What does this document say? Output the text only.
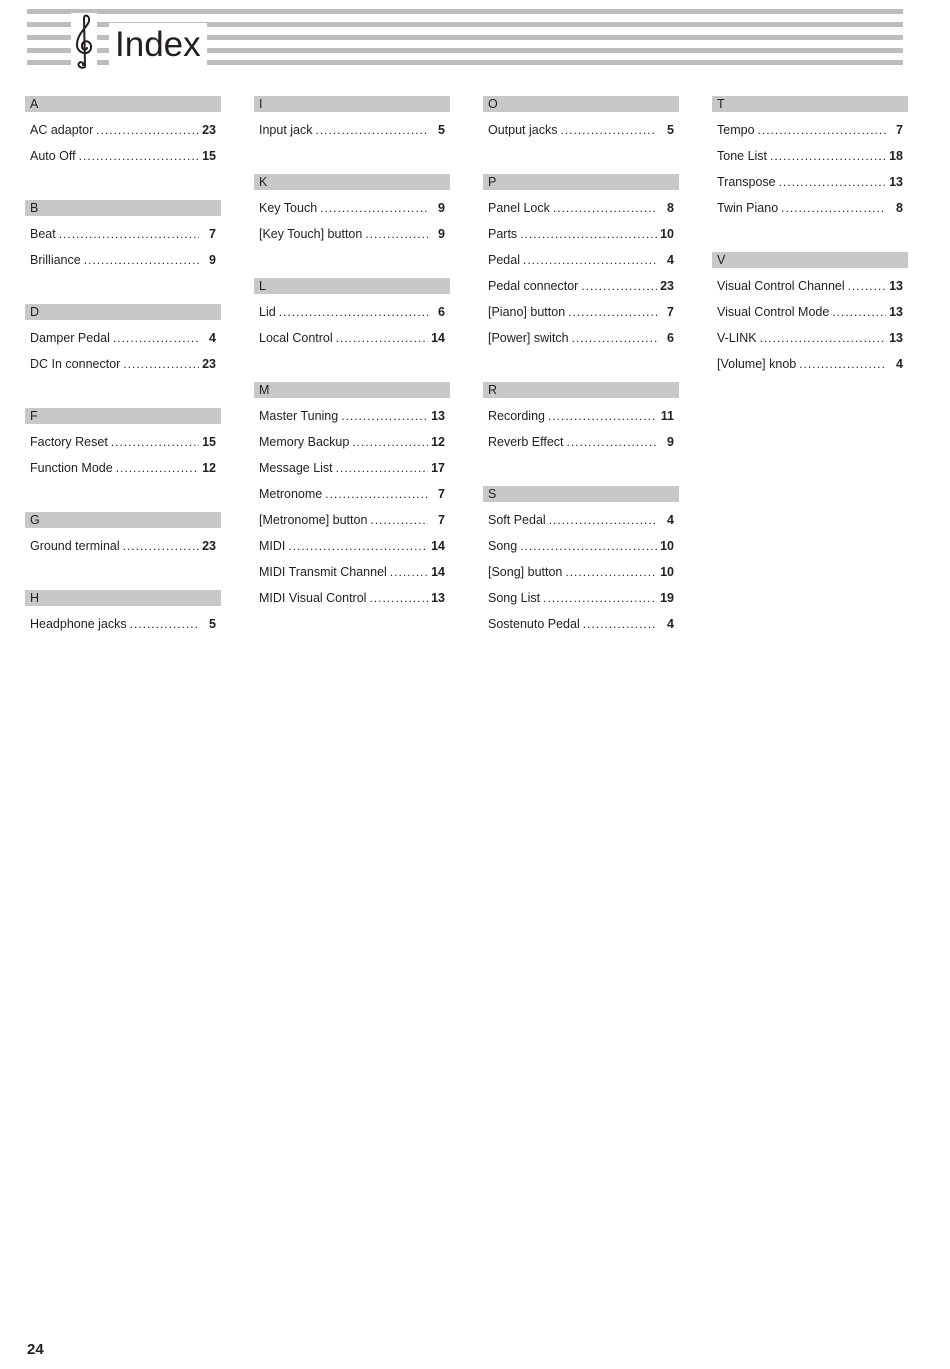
Index
A
AC adaptor .....	23
Auto Off .....	15
B
Beat .....	7
Brilliance .....	9
D
Damper Pedal .....	4
DC In connector .....	23
F
Factory Reset .....	15
Function Mode .....	12
G
Ground terminal .....	23
H
Headphone jacks .....	5
I
Input jack .....	5
K
Key Touch .....	9
[Key Touch] button .....	9
L
Lid .....	6
Local Control .....	14
M
Master Tuning .....	13
Memory Backup .....	12
Message List .....	17
Metronome .....	7
[Metronome] button .....	7
MIDI .....	14
MIDI Transmit Channel .....	14
MIDI Visual Control .....	13
O
Output jacks .....	5
P
Panel Lock .....	8
Parts .....	10
Pedal .....	4
Pedal connector .....	23
[Piano] button .....	7
[Power] switch .....	6
R
Recording .....	11
Reverb Effect .....	9
S
Soft Pedal .....	4
Song .....	10
[Song] button .....	10
Song List .....	19
Sostenuto Pedal .....	4
T
Tempo .....	7
Tone List .....	18
Transpose .....	13
Twin Piano .....	8
V
Visual Control Channel .....	13
Visual Control Mode .....	13
V-LINK .....	13
[Volume] knob .....	4
24
